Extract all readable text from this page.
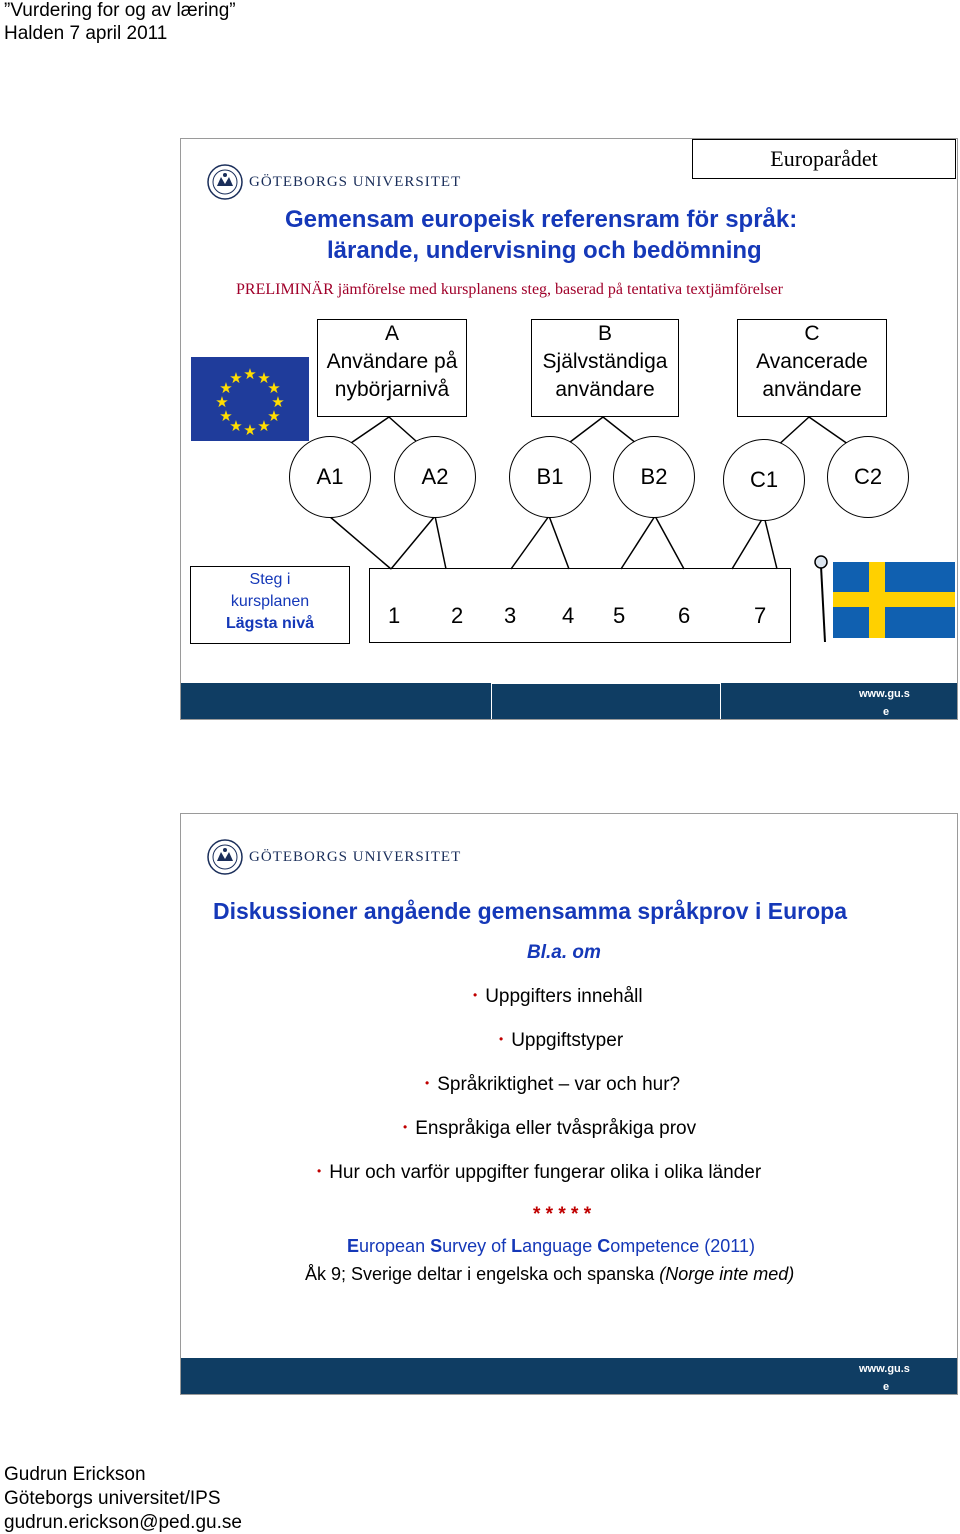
”Vurdering for og av læring”
Halden 7 april 2011
GÖTEBORGS UNIVERSITET
Europarådet
Gemensam europeisk referensram för språk:
lärande, undervisning och bedömning
PRELIMINÄR jämförelse med kursplanens steg, baserad på tentativa textjämförelser
★ ★
★
★
★
★
★
★
★
★
★
★
A
Användare på
nybörjarnivå
B
Självständiga
användare
C
Avancerade
användare
A1	A2	B1	B2	C1	C2
Steg i
kursplanen
Lägsta nivå	1 2 3 4 5 6	7
www.gu.s
e
GÖTEBORGS UNIVERSITET
Diskussioner angående gemensamma språkprov i Europa
Bl.a. om
• Uppgifters innehåll
• Uppgiftstyper
• Språkriktighet – var och hur?
• Enspråkiga eller tvåspråkiga prov
• Hur och varför uppgifter fungerar olika i olika länder
* * * * *
European Survey of Language Competence (2011)
Åk 9; Sverige deltar i engelska och spanska (Norge inte med)
www.gu.s
e
Gudrun Erickson
Göteborgs universitet/IPS
gudrun.erickson@ped.gu.se
